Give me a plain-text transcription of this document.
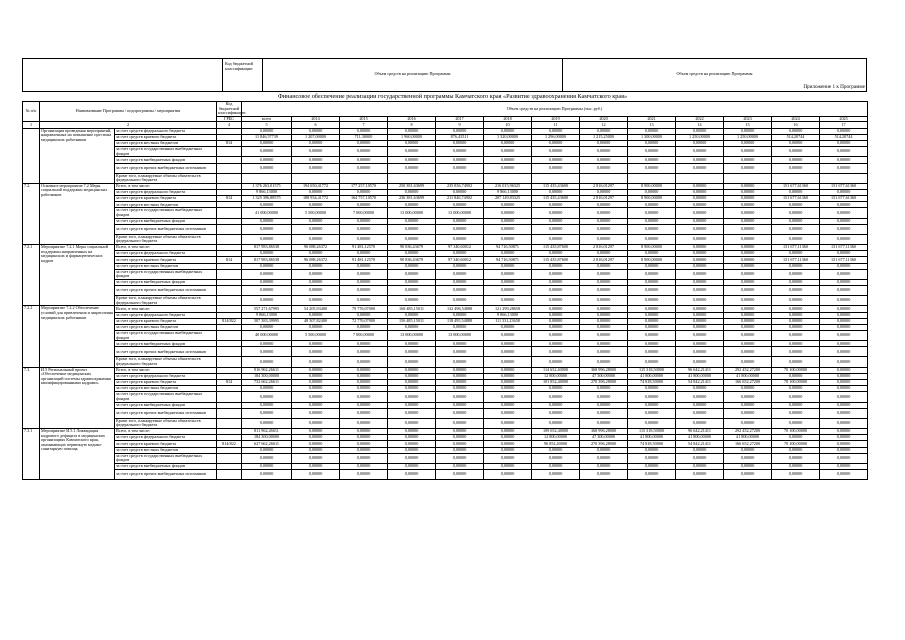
Код бюджетной классификации
Объем средств на реализацию Программы	Объем средств на реализацию Программы
Приложение 1 к Программе
Финансовое обеспечение реализации государственной программы Камчатского края «Развитие здравоохранения Камчатского края»
№ п/п	Наименование Программы / подпрограммы / мероприятия		Код бюджетной классификации	Объем средств на реализацию Программы (тыс. руб.)												
			ГРБС	всего	2014	2015	2016	2017	2018	2019	2020	2021	2022	2023	2024	2025
1	2		4	5	6	7	8	9	10	11	12	13	14	15	16	17
	Организация проведения мероприятий, направленных на повышение престижа медицинских работников	за счет средств федерального бюджета		0,00000	0,00000	0,00000	0,00000	0,00000	0,00000	0,00000	0,00000	0,00000	0,00000	0,00000	0,00000	0,00000
		за счет средств краевого бюджета		11 846,57739	1 207,00000	711,30000	1 960,00000	876,43511	1 320,00000	1 296,00000	1 215,25000	1 300,00000	1 250,00000	1 250,00000	514,20744	514,20744
		за счет средств местных бюджетов	814	0,00000	0,00000	0,00000	0,00000	0,00000	0,00000	0,00000	0,00000	0,00000	0,00000	0,00000	0,00000	0,00000
		за счет средств государственных внебюджетных фондов		0,00000	0,00000	0,00000	0,00000	0,00000	0,00000	0,00000	0,00000	0,00000	0,00000	0,00000	0,00000	0,00000
		за счет средств внебюджетных фондов		0,00000	0,00000	0,00000	0,00000	0,00000	0,00000	0,00000	0,00000	0,00000	0,00000	0,00000	0,00000	0,00000
		за счет средств прочих внебюджетных источников		0,00000	0,00000	0,00000	0,00000	0,00000	0,00000	0,00000	0,00000	0,00000	0,00000	0,00000	0,00000	0,00000
		Кроме того, планируемые объемы обязательств федерального бюджета														
7.2.	Основное мероприятие 7.2 Меры социальной поддержки медицинских работников	Всего, в том числе:		1 376 263,01575	194 650,41772	177 257,10570	250 381,63699	235 836,74902	216 015,96325	115 435,43600	2 816,01297	8 900,00000	0,00000	0,00000	151 677,61360	151 677,61360
		за счет средств федерального бюджета		9 866,13000	0,00000	0,00000	0,00000	0,00000	9 866,13000	0,00000	0,00000	0,00000	0,00000	0,00000	0,00000	0,00000
		за счет средств краевого бюджета	814	1 325 396,88575	188 934,41772	164 757,10570	236 381,63699	211 846,74902	207 149,83325	115 435,43600	2 816,01297	8 900,00000	0,00000	0,00000	151 677,61360	151 677,61360
		за счет средств местных бюджетов		0,00000	0,00000	0,00000	0,00000	0,00000	0,00000	0,00000	0,00000	0,00000	0,00000	0,00000	0,00000	0,00000
		за счет средств государственных внебюджетных фондов		41 000,00000	5 500,00000	7 000,00000	13 000,00000	13 000,00000	0,00000	0,00000	0,00000	0,00000	0,00000	0,00000	0,00000	0,00000
		за счет средств внебюджетных фондов		0,00000	0,00000	0,00000	0,00000	0,00000	0,00000	0,00000	0,00000	0,00000	0,00000	0,00000	0,00000	0,00000
		за счет средств прочих внебюджетных источников		0,00000	0,00000	0,00000	0,00000	0,00000	0,00000	0,00000	0,00000	0,00000	0,00000	0,00000	0,00000	0,00000
		Кроме того, планируемые объемы обязательств федерального бюджета		0,00000	0,00000	0,00000	0,00000	0,00000	0,00000	0,00000	0,00000	0,00000	0,00000	0,00000	0,00000	0,00000
7.2.1	Мероприятие 7.2.1 Меры социальной поддержки направленных на медицинских и фармацевтических кадров	Всего, в том числе:		817 983,86538	96 088,26372	91 481,12570	90 836,43679	97 340,60012	94 716,50871	115 435,87600	2 816,01297	8 900,00000	0,00000	0,00000	151 677,11360	151 677,11360
		за счет средств федерального бюджета		0,00000	0,00000	0,00000	0,00000	0,00000	0,00000	0,00000	0,00000	0,00000	0,00000	0,00000	0,00000	0,00000
		за счет средств краевого бюджета	814	817 983,86538	96 088,26372	91 481,12570	90 836,43679	97 340,60012	94 716,50871	115 435,87600	2 816,01297	8 900,00000	0,00000	0,00000	151 677,11360	151 677,11360
		за счет средств местных бюджетов		0,00000	0,00000	0,00000	0,00000	0,00000	0,00000	0,00000	0,00000	0,00000	0,00000	0,00000	0,00000	0,00000
		за счет средств государственных внебюджетных фондов		0,00000	0,00000	0,00000	0,00000	0,00000	0,00000	0,00000	0,00000	0,00000	0,00000	0,00000	0,00000	0,00000
		за счет средств внебюджетных фондов		0,00000	0,00000	0,00000	0,00000	0,00000	0,00000	0,00000	0,00000	0,00000	0,00000	0,00000	0,00000	0,00000
		за счет средств прочих внебюджетных источников		0,00000	0,00000	0,00000	0,00000	0,00000	0,00000	0,00000	0,00000	0,00000	0,00000	0,00000	0,00000	0,00000
		Кроме того, планируемые объемы обязательств федерального бюджета		0,00000	0,00000	0,00000	0,00000	0,00000	0,00000	0,00000	0,00000	0,00000	0,00000	0,00000	0,00000	0,00000
7.2.2	Мероприятие 7.2.2 Обеспечение условий для привлечения и закрепления медицинских работников	Всего, в том числе:		557 271,67995	54 205,93400	79 776,07000	168 485,15011	132 496,54888	121 299,28658	0,00000	0,00000	0,00000	0,00000	0,00000	0,00000	0,00000
		за счет средств федерального бюджета		9 866,13000	0,00000	0,00000	0,00000	0,00000	9 866,13000	0,00000	0,00000	0,00000	0,00000	0,00000	0,00000	0,00000
		за счет средств краевого бюджета	814/822	507 383,39995	48 307,82400	72 776,07000	156 485,15011	118 495,54888	111 331,23658	0,00000	0,00000	0,00000	0,00000	0,00000	0,00000	0,00000
		за счет средств местных бюджетов		0,00000	0,00000	0,00000	0,00000	0,00000	0,00000	0,00000	0,00000	0,00000	0,00000	0,00000	0,00000	0,00000
		за счет средств государственных внебюджетных фондов		40 000,00000	5 500,00000	7 000,00000	13 000,00000	13 000,00000	0,00000	0,00000	0,00000	0,00000	0,00000	0,00000	0,00000	0,00000
		за счет средств внебюджетных фондов		0,00000	0,00000	0,00000	0,00000	0,00000	0,00000	0,00000	0,00000	0,00000	0,00000	0,00000	0,00000	0,00000
		за счет средств прочих внебюджетных источников		0,00000	0,00000	0,00000	0,00000	0,00000	0,00000	0,00000	0,00000	0,00000	0,00000	0,00000	0,00000	0,00000
		Кроме того, планируемые объемы обязательств федерального бюджета		0,00000	0,00000	0,00000	0,00000	0,00000	0,00000	0,00000	0,00000	0,00000	0,00000	0,00000	0,00000	0,00000
7.3.	И.5 Региональный проект «Обеспечение медицинских организаций системы здравоохранения квалифицированными кадрами»	Всего, в том числе:		916 962,26611	0,00000	0,00000	0,00000	0,00000	0,00000	114 652,40000	368 996,28000	115 318,50000	96 642,21411	292 452,27200	70 100,00000	0,00000
		за счет средств федерального бюджета		184 300,00000	0,00000	0,00000	0,00000	0,00000	0,00000	12 800,00000	47 300,00000	41 800,00000	41 800,00000	41 800,00000	0,00000	0,00000
		за счет средств краевого бюджета	814	732 662,26611	0,00000	0,00000	0,00000	0,00000	0,00000	101 852,40000	270 396,28000	74 818,50000	54 842,21411	166 652,27200	70 100,00000	0,00000
		за счет средств местных бюджетов		0,00000	0,00000	0,00000	0,00000	0,00000	0,00000	0,00000	0,00000	0,00000	0,00000	0,00000	0,00000	0,00000
		за счет средств государственных внебюджетных фондов		0,00000	0,00000	0,00000	0,00000	0,00000	0,00000	0,00000	0,00000	0,00000	0,00000	0,00000	0,00000	0,00000
		за счет средств внебюджетных фондов		0,00000	0,00000	0,00000	0,00000	0,00000	0,00000	0,00000	0,00000	0,00000	0,00000	0,00000	0,00000	0,00000
		за счет средств прочих внебюджетных источников		0,00000	0,00000	0,00000	0,00000	0,00000	0,00000	0,00000	0,00000	0,00000	0,00000	0,00000	0,00000	0,00000
		Кроме того, планируемые объемы обязательств федерального бюджета		0,00000	0,00000	0,00000	0,00000	0,00000	0,00000	0,00000	0,00000	0,00000	0,00000	0,00000	0,00000	0,00000
7.3.1	Мероприятие И.5.1 Ликвидация кадрового дефицита в медицинских организациях Камчатского края, оказывающих первичную медико-санитарную помощь	Всего, в том числе:		811 962,26611	0,00000	0,00000	0,00000	0,00000	0,00000	109 652,40000	368 996,28000	115 318,50000	96 642,21411	292 452,27200	70 100,00000	0,00000
		за счет средств федерального бюджета		184 300,00000	0,00000	0,00000	0,00000	0,00000	0,00000	12 800,00000	47 300,00000	41 800,00000	41 800,00000	41 800,00000	0,00000	0,00000
		за счет средств краевого бюджета	814/822	627 662,26611	0,00000	0,00000	0,00000	0,00000	0,00000	96 852,40000	270 396,28000	74 818,50000	54 842,21411	166 652,27200	70 100,00000	0,00000
		за счет средств местных бюджетов		0,00000	0,00000	0,00000	0,00000	0,00000	0,00000	0,00000	0,00000	0,00000	0,00000	0,00000	0,00000	0,00000
		за счет средств государственных внебюджетных фондов		0,00000	0,00000	0,00000	0,00000	0,00000	0,00000	0,00000	0,00000	0,00000	0,00000	0,00000	0,00000	0,00000
		за счет средств внебюджетных фондов		0,00000	0,00000	0,00000	0,00000	0,00000	0,00000	0,00000	0,00000	0,00000	0,00000	0,00000	0,00000	0,00000
		за счет средств прочих внебюджетных источников		0,00000	0,00000	0,00000	0,00000	0,00000	0,00000	0,00000	0,00000	0,00000	0,00000	0,00000	0,00000	0,00000
